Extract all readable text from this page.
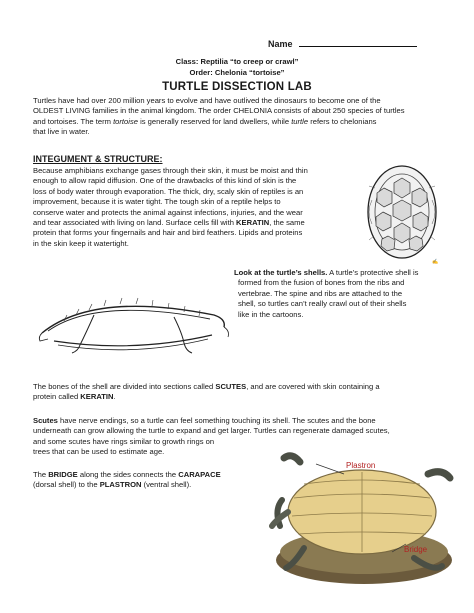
Name
Class: Reptilia “to creep or crawl”
Order: Chelonia “tortoise”
TURTLE DISSECTION LAB
Turtles have had over 200 million years to evolve and have outlived the dinosaurs to become one of the
OLDEST LIVING families in the animal kingdom. The order CHELONIA consists of about 250 species of turtles
and tortoises. The term tortoise is generally reserved for land dwellers, while turtle refers to chelonians
that live in water.
INTEGUMENT & STRUCTURE:
Because amphibians exchange gases through their skin, it must be moist and thin
enough to allow rapid diffusion. One of the drawbacks of this kind of skin is the
loss of body water through evaporation. The thick, dry, scaly skin of reptiles is an
improvement, because it is water tight. The tough skin of a reptile helps to
conserve water and protects the animal against infections, injuries, and the wear
and tear associated with living on land. Surface cells fill with KERATIN, the same
protein that forms your fingernails and hair and bird feathers. Lipids and proteins
in the skin keep it watertight.
✍
Look at the turtle’s shells. A turtle’s protective shell is
formed from the fusion of bones from the ribs and
vertebrae. The spine and ribs are attached to the
shell, so turtles can’t really crawl out of their shells
like in the cartoons.
The bones of the shell are divided into sections called SCUTES, and are covered with skin containing a
protein called KERATIN.
Scutes have nerve endings, so a turtle can feel something touching its shell. The scutes and the bone
underneath can grow allowing the turtle to expand and get larger. Turtles can regenerate damaged scutes,
and some scutes have rings similar to growth rings on
trees that can be used to estimate age.
The BRIDGE along the sides connects the CARAPACE
(dorsal shell) to the PLASTRON (ventral shell).
Plastron
Bridge
